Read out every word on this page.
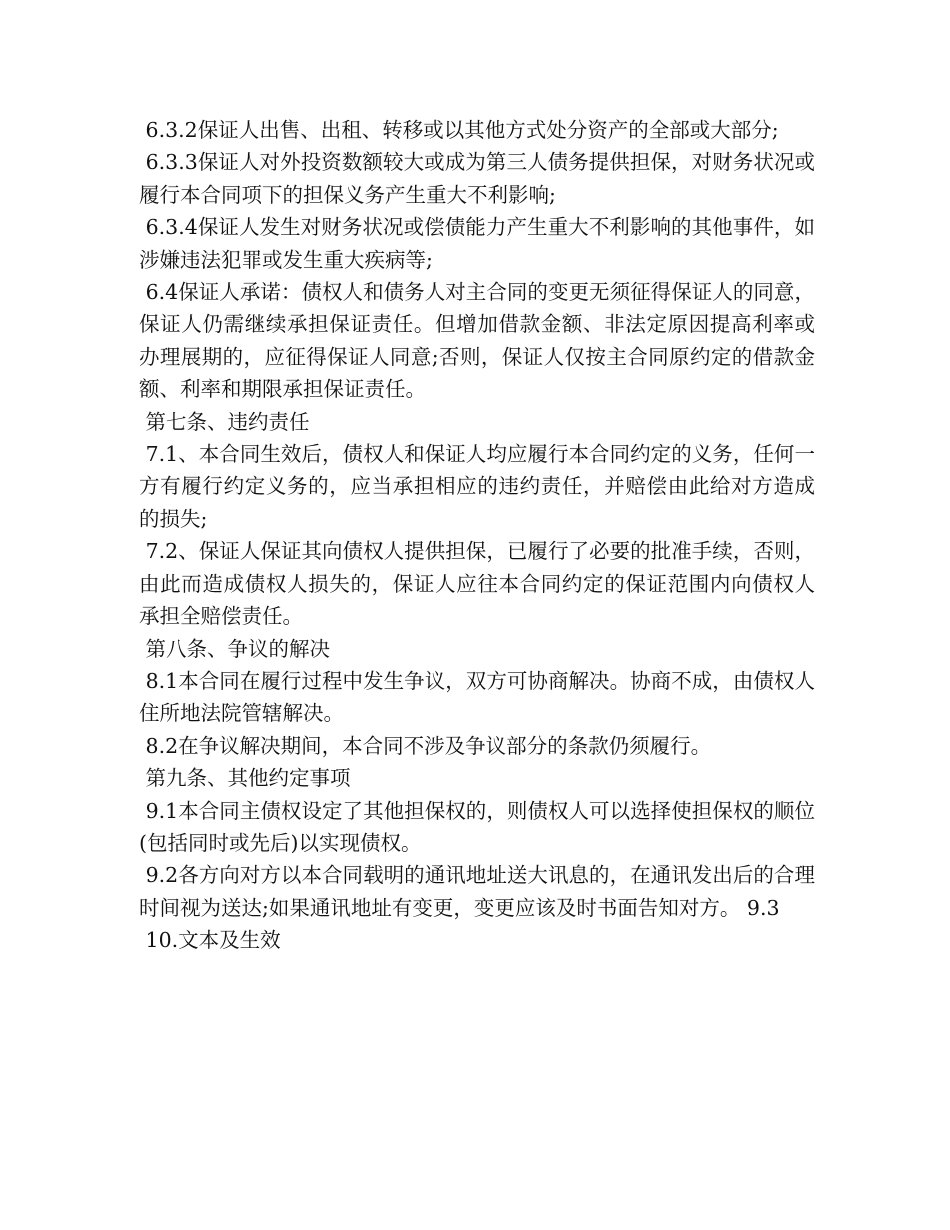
6.3.2保证人出售、出租、转移或以其他方式处分资产的全部或大部分;

6.3.3保证人对外投资数额较大或成为第三人债务提供担保，对财务状况或履行本合同项下的担保义务产生重大不利影响;

6.3.4保证人发生对财务状况或偿债能力产生重大不利影响的其他事件，如涉嫌违法犯罪或发生重大疾病等;

6.4保证人承诺：债权人和债务人对主合同的变更无须征得保证人的同意，保证人仍需继续承担保证责任。但增加借款金额、非法定原因提高利率或办理展期的，应征得保证人同意;否则，保证人仅按主合同原约定的借款金额、利率和期限承担保证责任。

第七条、违约责任

7.1、本合同生效后，债权人和保证人均应履行本合同约定的义务，任何一方有履行约定义务的，应当承担相应的违约责任，并赔偿由此给对方造成的损失;

7.2、保证人保证其向债权人提供担保，已履行了必要的批准手续，否则，由此而造成债权人损失的，保证人应往本合同约定的保证范围内向债权人承担全赔偿责任。

第八条、争议的解决

8.1本合同在履行过程中发生争议，双方可协商解决。协商不成，由债权人住所地法院管辖解决。

8.2在争议解决期间，本合同不涉及争议部分的条款仍须履行。

第九条、其他约定事项

9.1本合同主债权设定了其他担保权的，则债权人可以选择使担保权的顺位(包括同时或先后)以实现债权。

9.2各方向对方以本合同载明的通讯地址送大讯息的，在通讯发出后的合理时间视为送达;如果通讯地址有变更，变更应该及时书面告知对方。 9.3

10.文本及生效
